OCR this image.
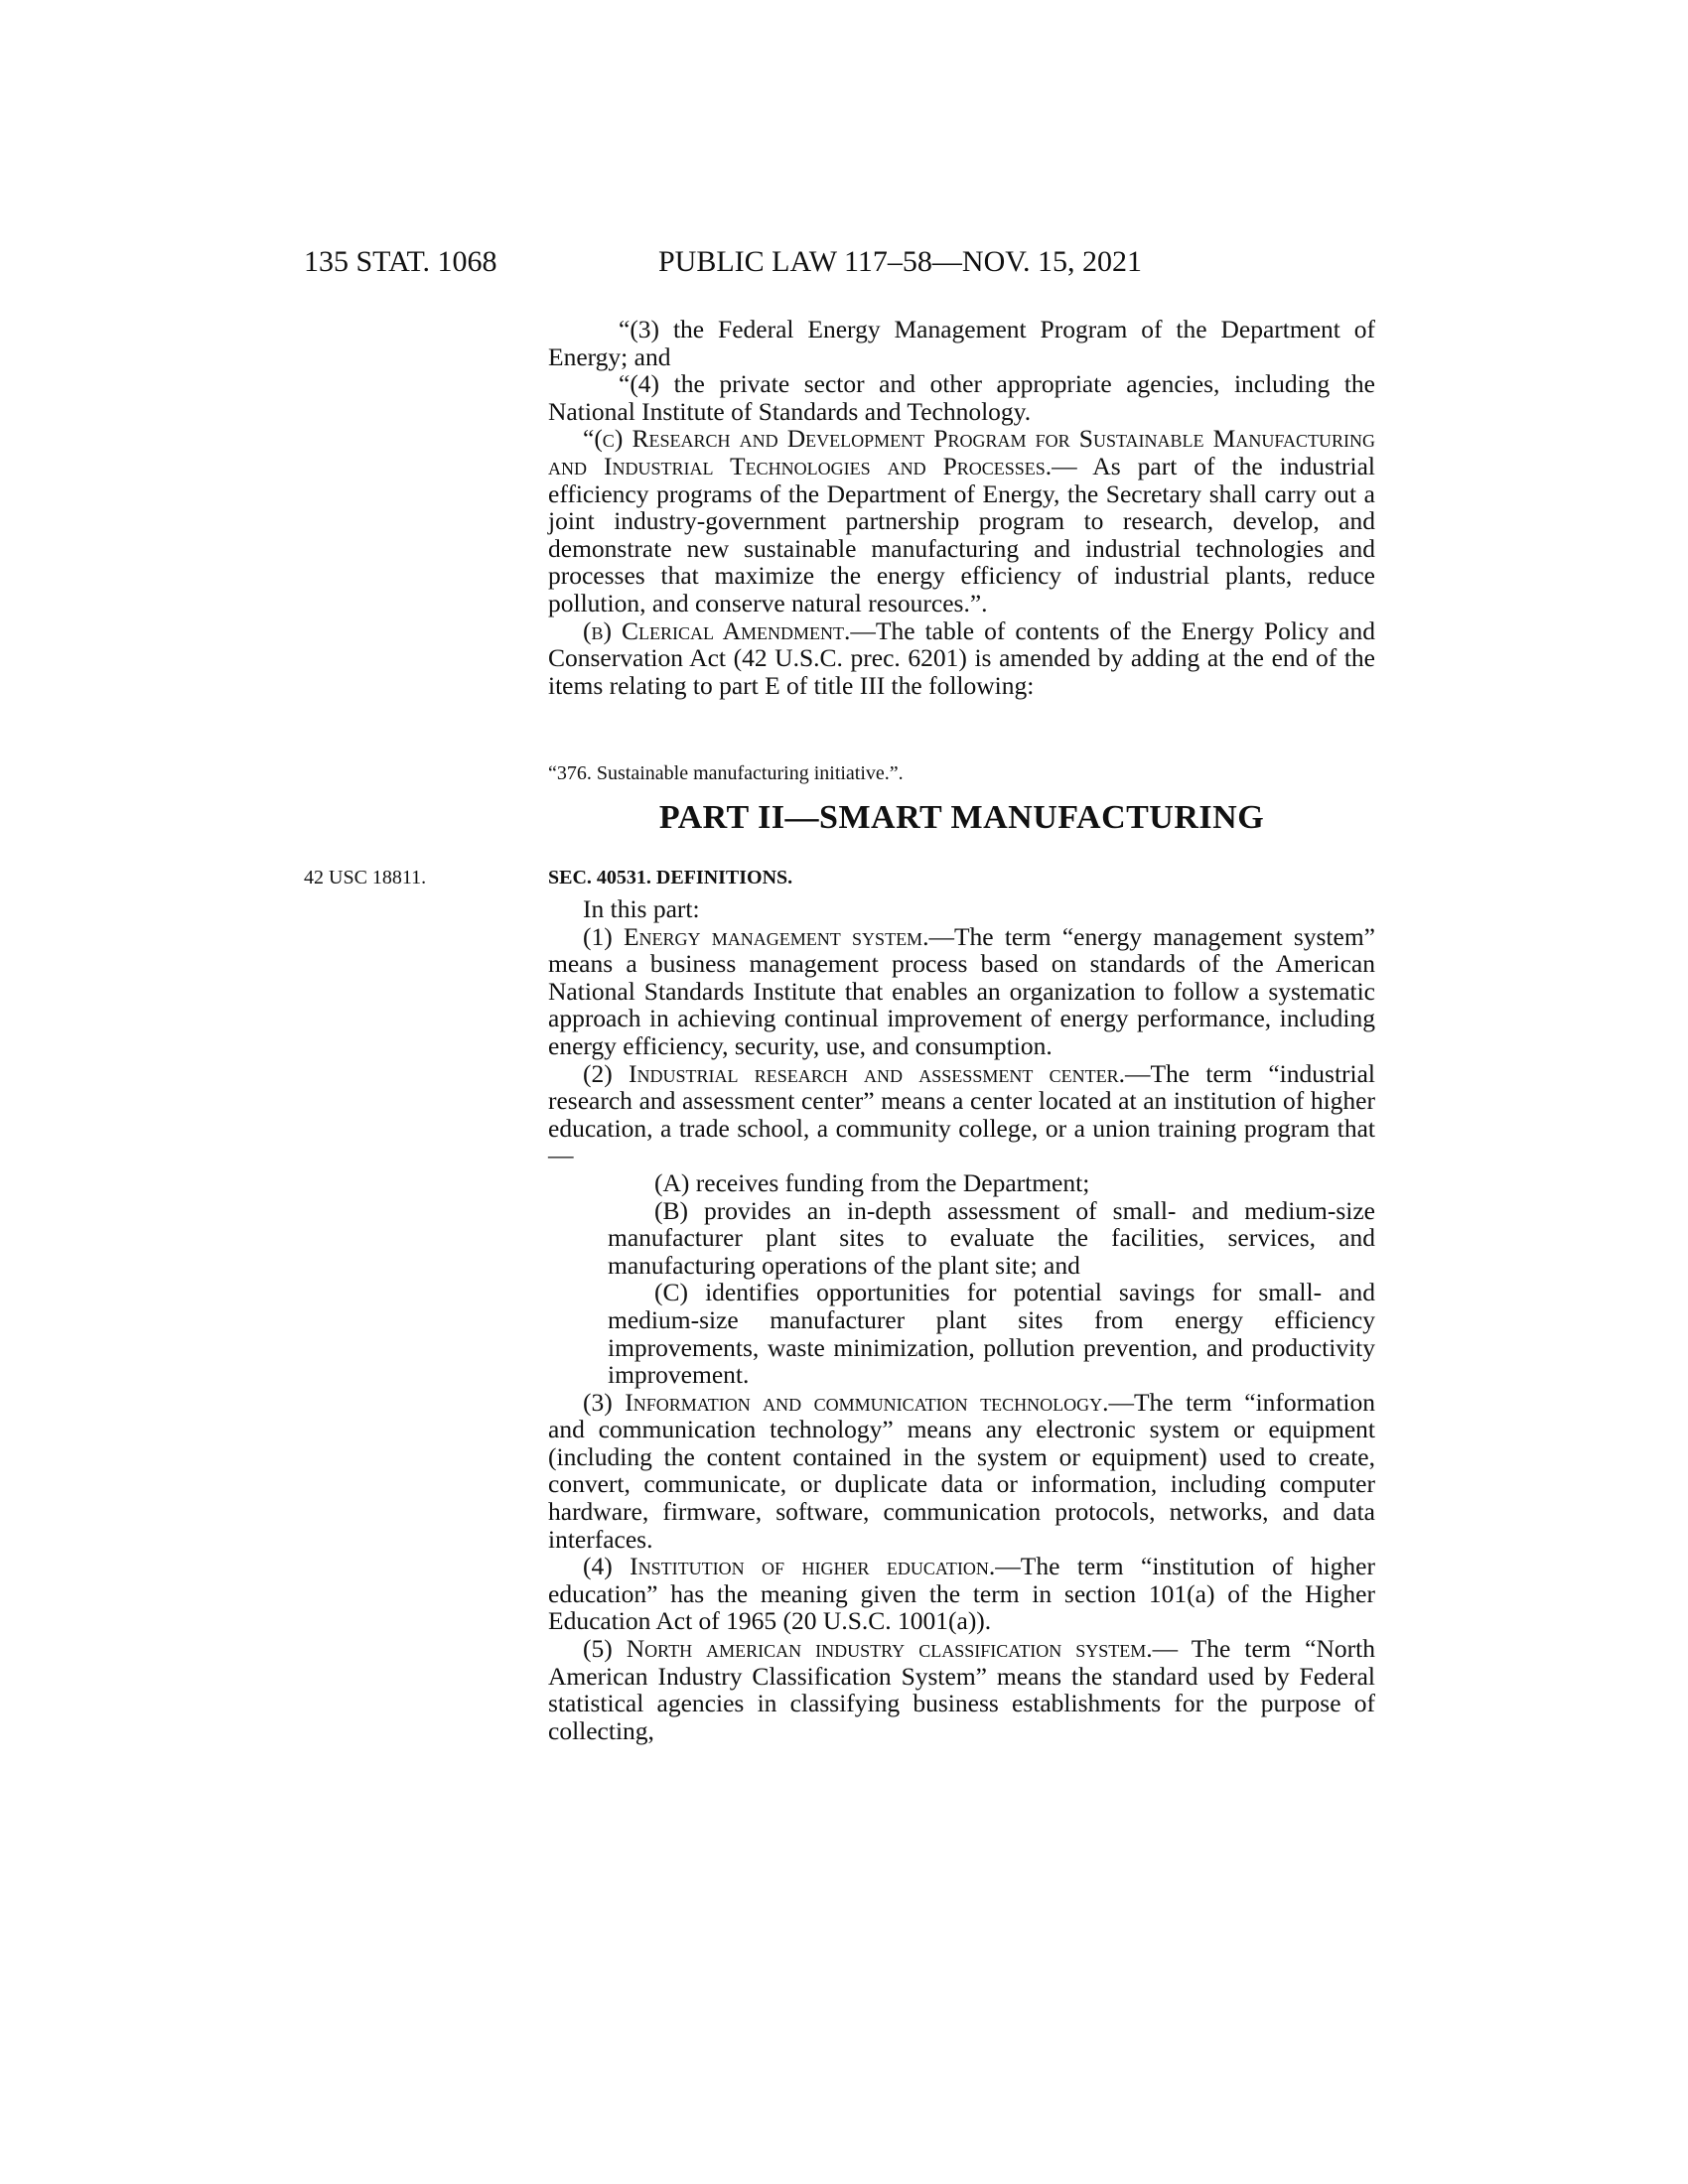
135 STAT. 1068	PUBLIC LAW 117–58—NOV. 15, 2021

“(3) the Federal Energy Management Program of the Department of Energy; and

“(4) the private sector and other appropriate agencies, including the National Institute of Standards and Technology.

“(c) Research and Development Program for Sustainable Manufacturing and Industrial Technologies and Processes.— As part of the industrial efficiency programs of the Department of Energy, the Secretary shall carry out a joint industry-government partnership program to research, develop, and demonstrate new sustainable manufacturing and industrial technologies and processes that maximize the energy efficiency of industrial plants, reduce pollution, and conserve natural resources.”.

(b) Clerical Amendment.—The table of contents of the Energy Policy and Conservation Act (42 U.S.C. prec. 6201) is amended by adding at the end of the items relating to part E of title III the following:

“376. Sustainable manufacturing initiative.”.
PART II—SMART MANUFACTURING
42 USC 18811.	SEC. 40531. DEFINITIONS.

In this part:

(1) Energy management system.—The term “energy management system” means a business management process based on standards of the American National Standards Institute that enables an organization to follow a systematic approach in achieving continual improvement of energy performance, including energy efficiency, security, use, and consumption.

(2) Industrial research and assessment center.—The term “industrial research and assessment center” means a center located at an institution of higher education, a trade school, a community college, or a union training program that—

(A) receives funding from the Department;

(B) provides an in-depth assessment of small- and medium-size manufacturer plant sites to evaluate the facilities, services, and manufacturing operations of the plant site; and

(C) identifies opportunities for potential savings for small- and medium-size manufacturer plant sites from energy efficiency improvements, waste minimization, pollution prevention, and productivity improvement.

(3) Information and communication technology.—The term “information and communication technology” means any electronic system or equipment (including the content contained in the system or equipment) used to create, convert, communicate, or duplicate data or information, including computer hardware, firmware, software, communication protocols, networks, and data interfaces.

(4) Institution of higher education.—The term “institution of higher education” has the meaning given the term in section 101(a) of the Higher Education Act of 1965 (20 U.S.C. 1001(a)).

(5) North american industry classification system.— The term “North American Industry Classification System” means the standard used by Federal statistical agencies in classifying business establishments for the purpose of collecting,
